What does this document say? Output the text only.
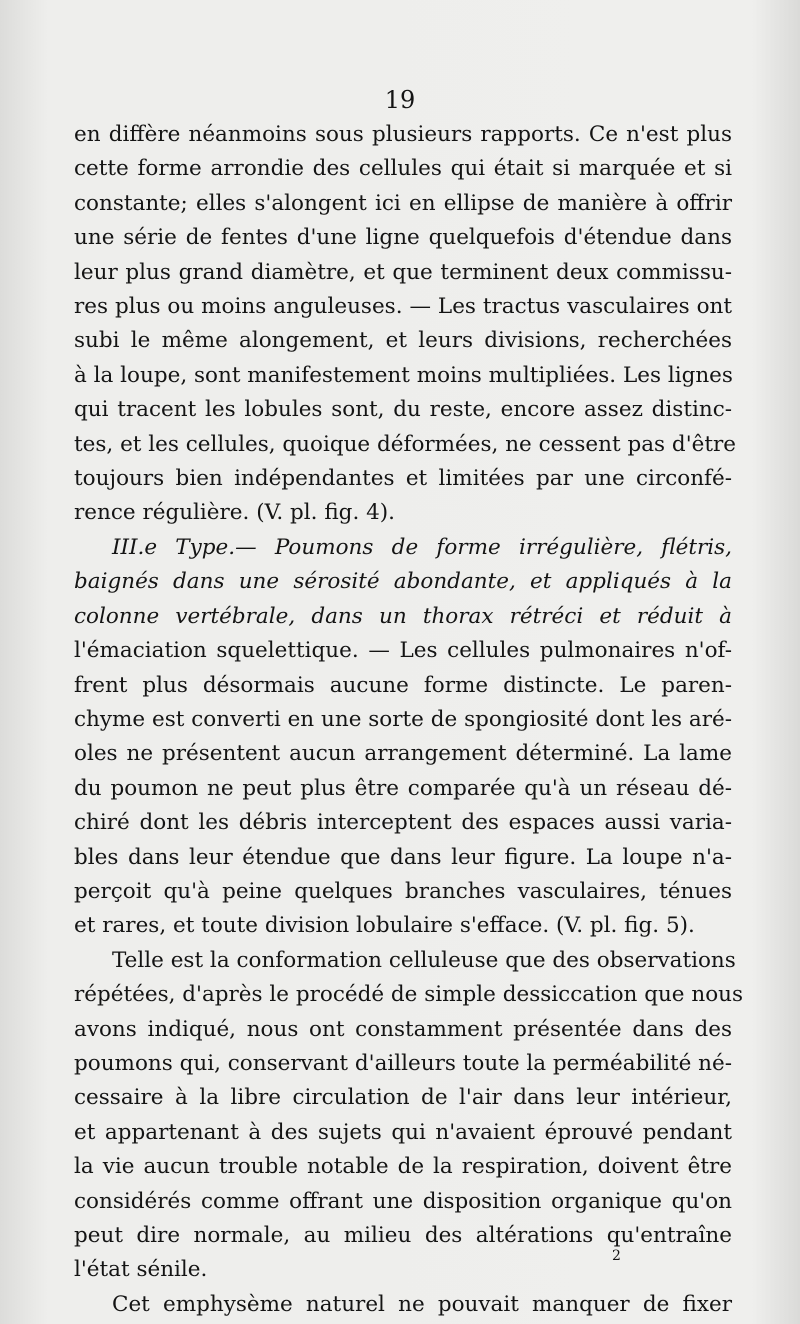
19
en diffère néanmoins sous plusieurs rapports. Ce n'est plus
cette forme arrondie des cellules qui était si marquée et si
constante; elles s'alongent ici en ellipse de manière à offrir
une série de fentes d'une ligne quelquefois d'étendue dans
leur plus grand diamètre, et que terminent deux commissu-
res plus ou moins anguleuses. — Les tractus vasculaires ont
subi le même alongement, et leurs divisions, recherchées
à la loupe, sont manifestement moins multipliées. Les lignes
qui tracent les lobules sont, du reste, encore assez distinc-
tes, et les cellules, quoique déformées, ne cessent pas d'être
toujours bien indépendantes et limitées par une circonfé-
rence régulière. (V. pl. fig. 4).
III.e Type.— Poumons de forme irrégulière, flétris,
baignés dans une sérosité abondante, et appliqués à la
colonne vertébrale, dans un thorax rétréci et réduit à
l'émaciation squelettique. — Les cellules pulmonaires n'of-
frent plus désormais aucune forme distincte. Le paren-
chyme est converti en une sorte de spongiosité dont les aré-
oles ne présentent aucun arrangement déterminé. La lame
du poumon ne peut plus être comparée qu'à un réseau dé-
chiré dont les débris interceptent des espaces aussi varia-
bles dans leur étendue que dans leur figure. La loupe n'a-
perçoit qu'à peine quelques branches vasculaires, ténues
et rares, et toute division lobulaire s'efface. (V. pl. fig. 5).
Telle est la conformation celluleuse que des observations
répétées, d'après le procédé de simple dessiccation que nous
avons indiqué, nous ont constamment présentée dans des
poumons qui, conservant d'ailleurs toute la perméabilité né-
cessaire à la libre circulation de l'air dans leur intérieur,
et appartenant à des sujets qui n'avaient éprouvé pendant
la vie aucun trouble notable de la respiration, doivent être
considérés comme offrant une disposition organique qu'on
peut dire normale, au milieu des altérations qu'entraîne
l'état sénile.
Cet emphysème naturel ne pouvait manquer de fixer
2
